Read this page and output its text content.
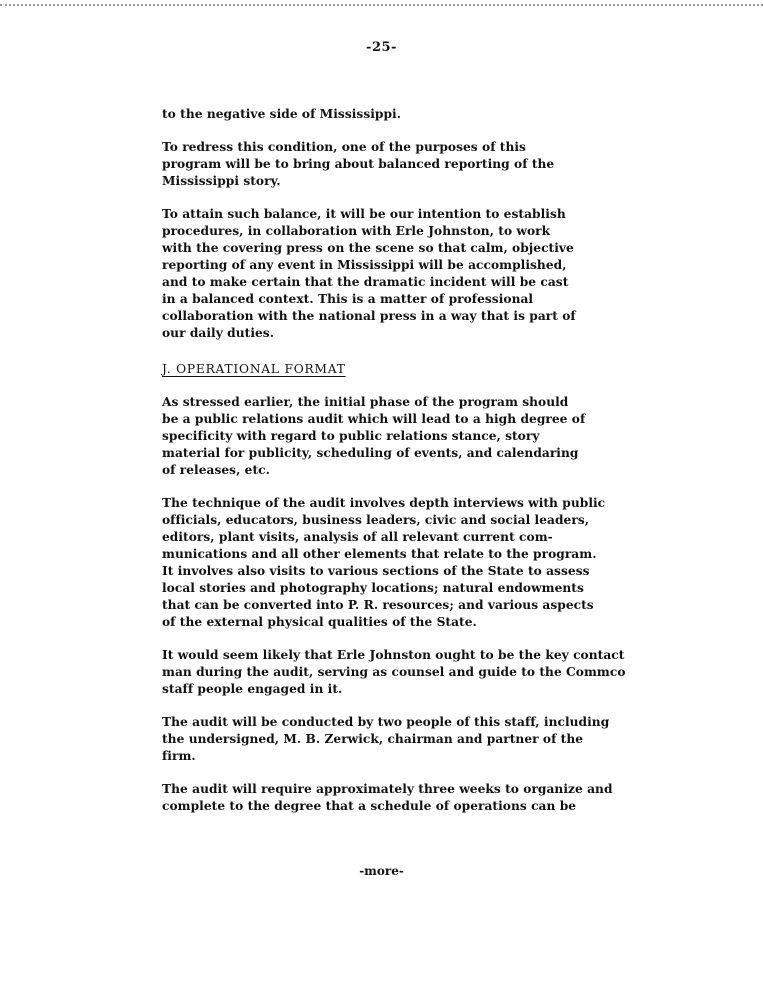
-25-
to the negative side of Mississippi.
To redress this condition, one of the purposes of this
program will be to bring about balanced reporting of the
Mississippi story.
To attain such balance, it will be our intention to establish
procedures, in collaboration with Erle Johnston, to work
with the covering press on the scene so that calm, objective
reporting of any event in Mississippi will be accomplished,
and to make certain that the dramatic incident will be cast
in a balanced context. This is a matter of professional
collaboration with the national press in a way that is part of
our daily duties.
J. OPERATIONAL FORMAT
As stressed earlier, the initial phase of the program should
be a public relations audit which will lead to a high degree of
specificity with regard to public relations stance, story
material for publicity, scheduling of events, and calendaring
of releases, etc.
The technique of the audit involves depth interviews with public
officials, educators, business leaders, civic and social leaders,
editors, plant visits, analysis of all relevant current com-
munications and all other elements that relate to the program.
It involves also visits to various sections of the State to assess
local stories and photography locations; natural endowments
that can be converted into P. R. resources; and various aspects
of the external physical qualities of the State.
It would seem likely that Erle Johnston ought to be the key contact
man during the audit, serving as counsel and guide to the Commco
staff people engaged in it.
The audit will be conducted by two people of this staff, including
the undersigned, M. B. Zerwick, chairman and partner of the
firm.
The audit will require approximately three weeks to organize and
complete to the degree that a schedule of operations can be
-more-
